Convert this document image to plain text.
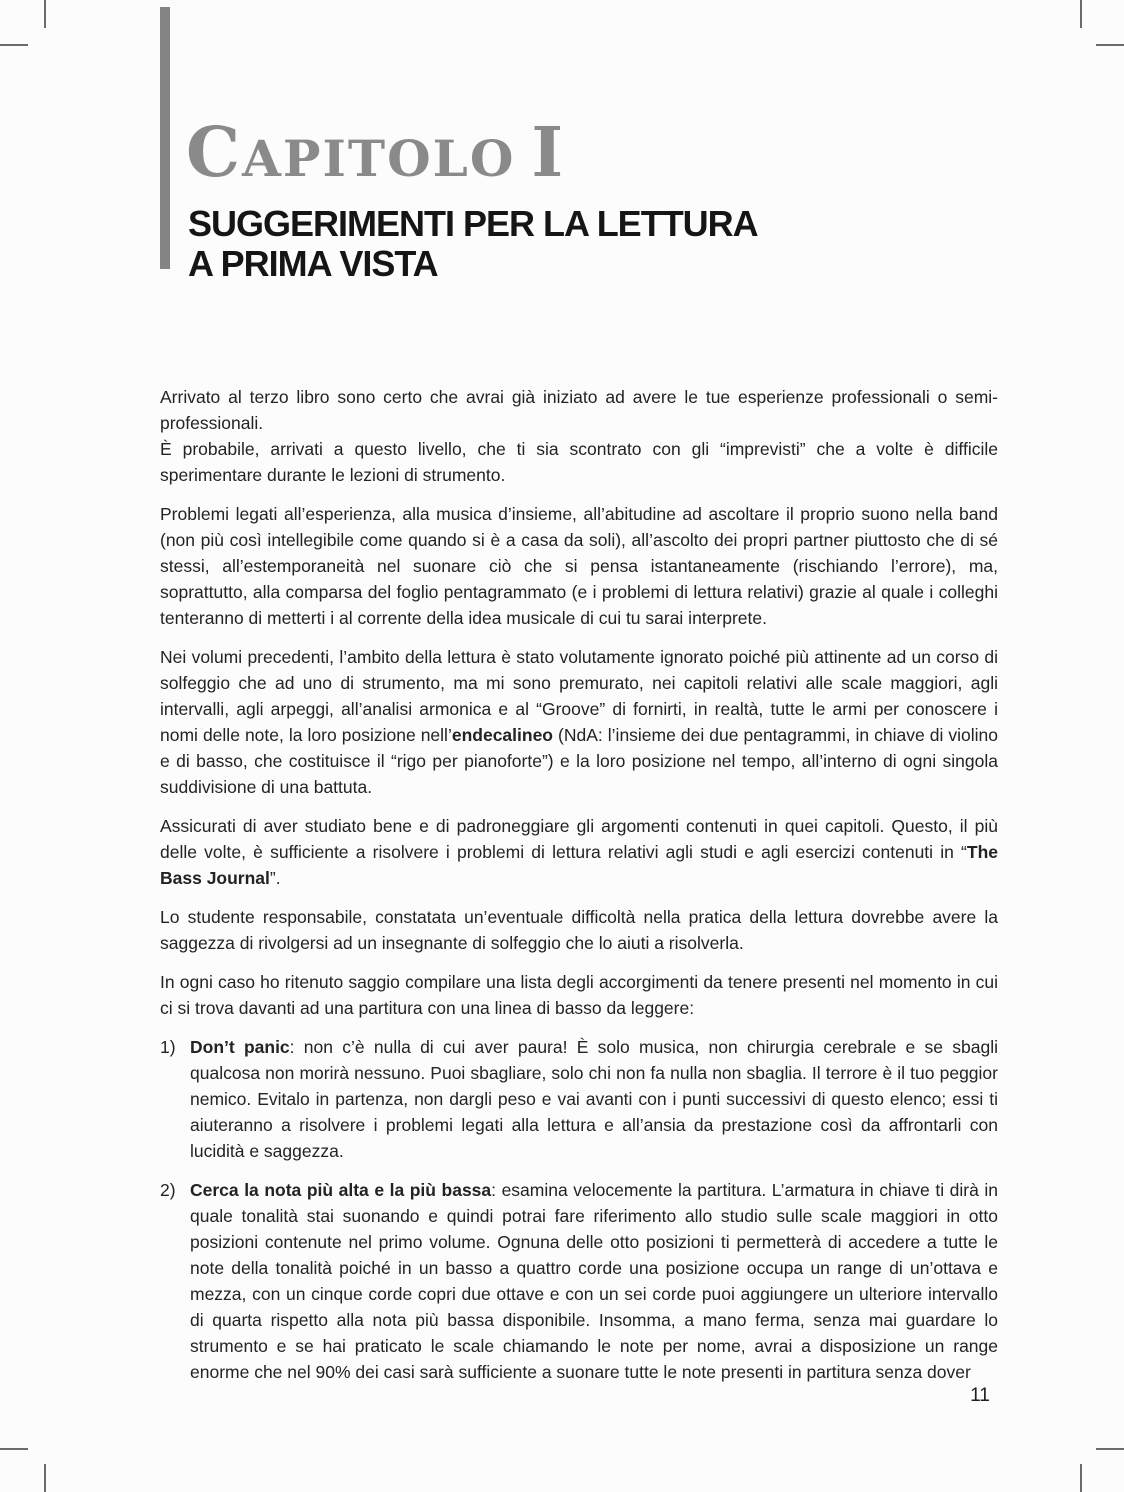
CAPITOLO I
SUGGERIMENTI PER LA LETTURA
A PRIMA VISTA

Arrivato al terzo libro sono certo che avrai già iniziato ad avere le tue esperienze professionali o semi-professionali.

È probabile, arrivati a questo livello, che ti sia scontrato con gli “imprevisti” che a volte è difficile sperimentare durante le lezioni di strumento.

Problemi legati all’esperienza, alla musica d’insieme, all’abitudine ad ascoltare il proprio suono nella band (non più così intellegibile come quando si è a casa da soli), all’ascolto dei propri partner piuttosto che di sé stessi, all’estemporaneità nel suonare ciò che si pensa istantaneamente (rischiando l’errore), ma, soprattutto, alla comparsa del foglio pentagrammato (e i problemi di lettura relativi) grazie al quale i colleghi tenteranno di metterti i al corrente della idea musicale di cui tu sarai interprete.

Nei volumi precedenti, l’ambito della lettura è stato volutamente ignorato poiché più attinente ad un corso di solfeggio che ad uno di strumento, ma mi sono premurato, nei capitoli relativi alle scale maggiori, agli intervalli, agli arpeggi, all’analisi armonica e al “Groove” di fornirti, in realtà, tutte le armi per conoscere i nomi delle note, la loro posizione nell’endecalineo (NdA: l’insieme dei due pentagrammi, in chiave di violino e di basso, che costituisce il “rigo per pianoforte”) e la loro posizione nel tempo, all’interno di ogni singola suddivisione di una battuta.

Assicurati di aver studiato bene e di padroneggiare gli argomenti contenuti in quei capitoli. Questo, il più delle volte, è sufficiente a risolvere i problemi di lettura relativi agli studi e agli esercizi contenuti in “The Bass Journal”.

Lo studente responsabile, constatata un’eventuale difficoltà nella pratica della lettura dovrebbe avere la saggezza di rivolgersi ad un insegnante di solfeggio che lo aiuti a risolverla.

In ogni caso ho ritenuto saggio compilare una lista degli accorgimenti da tenere presenti nel momento in cui ci si trova davanti ad una partitura con una linea di basso da leggere:

1) Don’t panic: non c’è nulla di cui aver paura! È solo musica, non chirurgia cerebrale e se sbagli qualcosa non morirà nessuno. Puoi sbagliare, solo chi non fa nulla non sbaglia. Il terrore è il tuo peggior nemico. Evitalo in partenza, non dargli peso e vai avanti con i punti successivi di questo elenco; essi ti aiuteranno a risolvere i problemi legati alla lettura e all’ansia da prestazione così da affrontarli con lucidità e saggezza.
2) Cerca la nota più alta e la più bassa: esamina velocemente la partitura. L’armatura in chiave ti dirà in quale tonalità stai suonando e quindi potrai fare riferimento allo studio sulle scale maggiori in otto posizioni contenute nel primo volume. Ognuna delle otto posizioni ti permetterà di accedere a tutte le note della tonalità poiché in un basso a quattro corde una posizione occupa un range di un’ottava e mezza, con un cinque corde copri due ottave e con un sei corde puoi aggiungere un ulteriore intervallo di quarta rispetto alla nota più bassa disponibile. Insomma, a mano ferma, senza mai guardare lo strumento e se hai praticato le scale chiamando le note per nome, avrai a disposizione un range enorme che nel 90% dei casi sarà sufficiente a suonare tutte le note presenti in partitura senza dover
11
